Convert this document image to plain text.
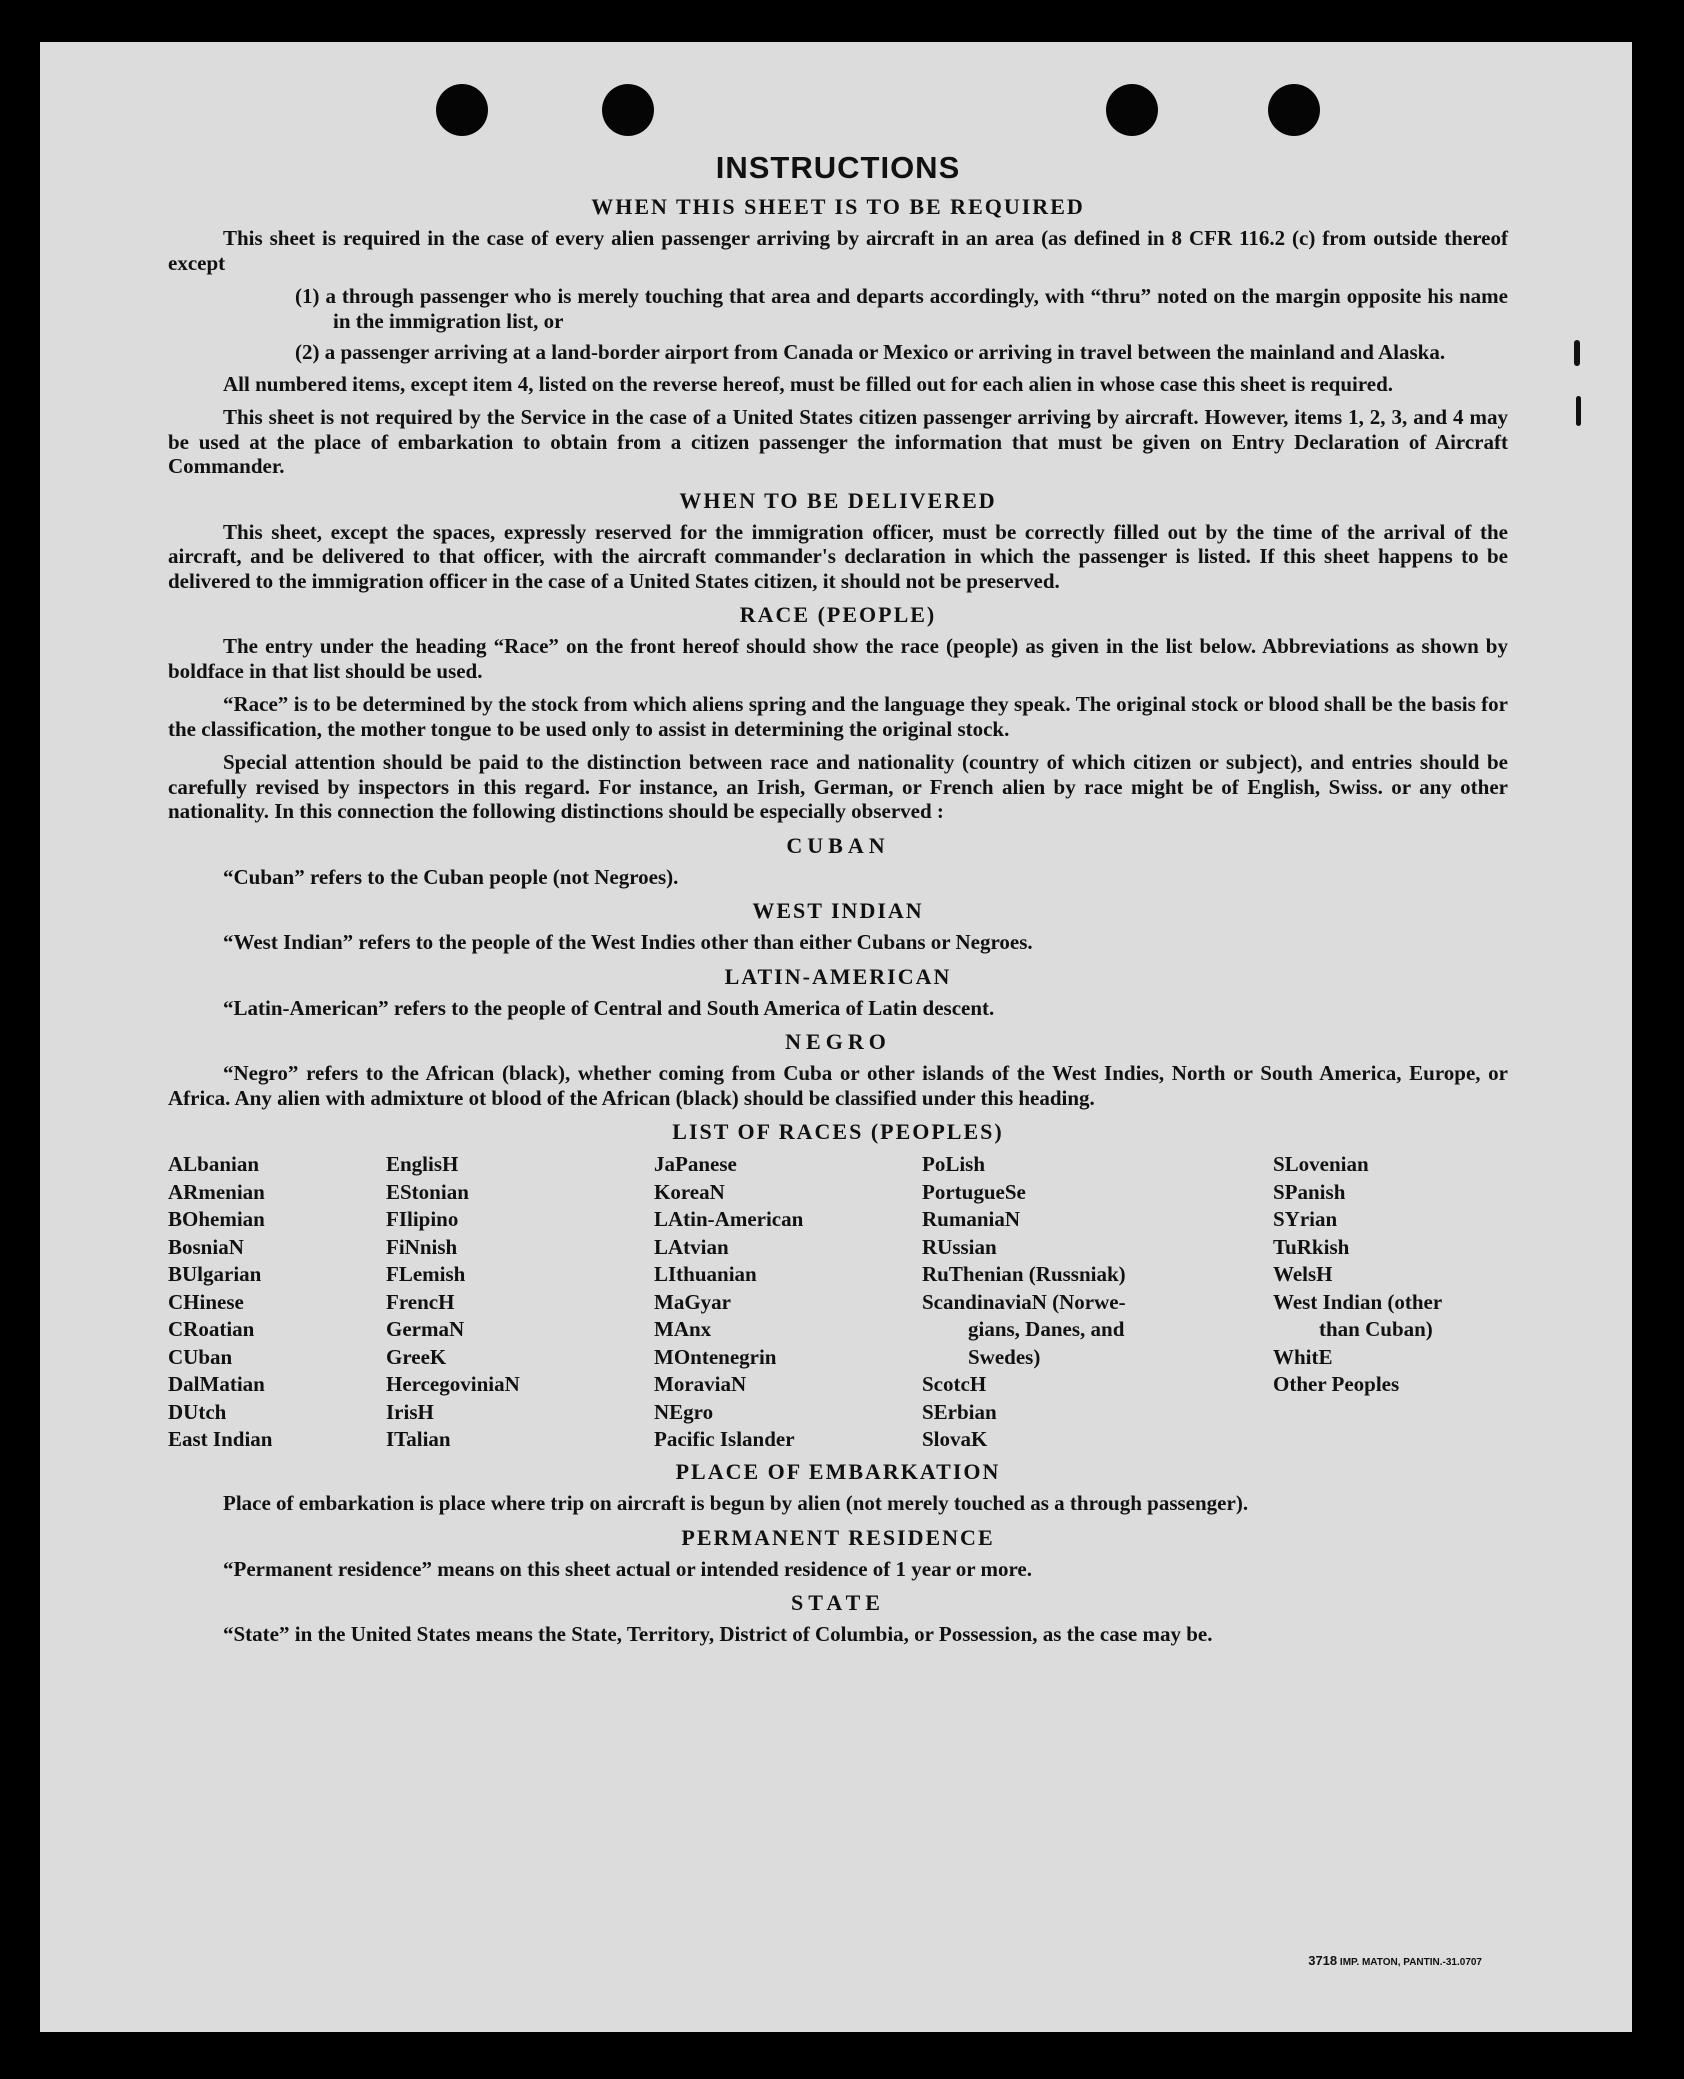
INSTRUCTIONS
WHEN THIS SHEET IS TO BE REQUIRED

This sheet is required in the case of every alien passenger arriving by aircraft in an area (as defined in 8 CFR 116.2 (c) from outside thereof except

(1) a through passenger who is merely touching that area and departs accordingly, with “thru” noted on the margin opposite his name in the immigration list, or
(2) a passenger arriving at a land-border airport from Canada or Mexico or arriving in travel between the mainland and Alaska.

All numbered items, except item 4, listed on the reverse hereof, must be filled out for each alien in whose case this sheet is required.

This sheet is not required by the Service in the case of a United States citizen passenger arriving by aircraft. However, items 1, 2, 3, and 4 may be used at the place of embarkation to obtain from a citizen passenger the information that must be given on Entry Declaration of Aircraft Commander.

WHEN TO BE DELIVERED

This sheet, except the spaces, expressly reserved for the immigration officer, must be correctly filled out by the time of the arrival of the aircraft, and be delivered to that officer, with the aircraft commander's declaration in which the passenger is listed. If this sheet happens to be delivered to the immigration officer in the case of a United States citizen, it should not be preserved.

RACE (PEOPLE)

The entry under the heading “Race” on the front hereof should show the race (people) as given in the list below. Abbreviations as shown by boldface in that list should be used.

“Race” is to be determined by the stock from which aliens spring and the language they speak. The original stock or blood shall be the basis for the classification, the mother tongue to be used only to assist in determining the original stock.

Special attention should be paid to the distinction between race and nationality (country of which citizen or subject), and entries should be carefully revised by inspectors in this regard. For instance, an Irish, German, or French alien by race might be of English, Swiss. or any other nationality. In this connection the following distinctions should be especially observed :

CUBAN

“Cuban” refers to the Cuban people (not Negroes).

WEST INDIAN

“West Indian” refers to the people of the West Indies other than either Cubans or Negroes.

LATIN-AMERICAN

“Latin-American” refers to the people of Central and South America of Latin descent.

NEGRO

“Negro” refers to the African (black), whether coming from Cuba or other islands of the West Indies, North or South America, Europe, or Africa. Any alien with admixture ot blood of the African (black) should be classified under this heading.

LIST OF RACES (PEOPLES)
ALbanian
ARmenian
BOhemian
BosniaN
BUlgarian
CHinese
CRoatian
CUban
DalMatian
DUtch
East Indian
EnglisH
EStonian
FIlipino
FiNnish
FLemish
FrencH
GermaN
GreeK
HercegoviniaN
IrisH
ITalian
JaPanese
KoreaN
LAtin-American
LAtvian
LIthuanian
MaGyar
MAnx
MOntenegrin
MoraviaN
NEgro
Pacific Islander
PoLish
PortugueSe
RumaniaN
RUssian
RuThenian (Russniak)
ScandinaviaN (Norwe-
gians, Danes, and
Swedes)
ScotcH
SErbian
SlovaK
SLovenian
SPanish
SYrian
TuRkish
WelsH
West Indian (other
than Cuban)
WhitE
Other Peoples
PLACE OF EMBARKATION

Place of embarkation is place where trip on aircraft is begun by alien (not merely touched as a through passenger).

PERMANENT RESIDENCE

“Permanent residence” means on this sheet actual or intended residence of 1 year or more.

STATE

“State” in the United States means the State, Territory, District of Columbia, or Possession, as the case may be.

3718 IMP. MATON, PANTIN.-31.0707
